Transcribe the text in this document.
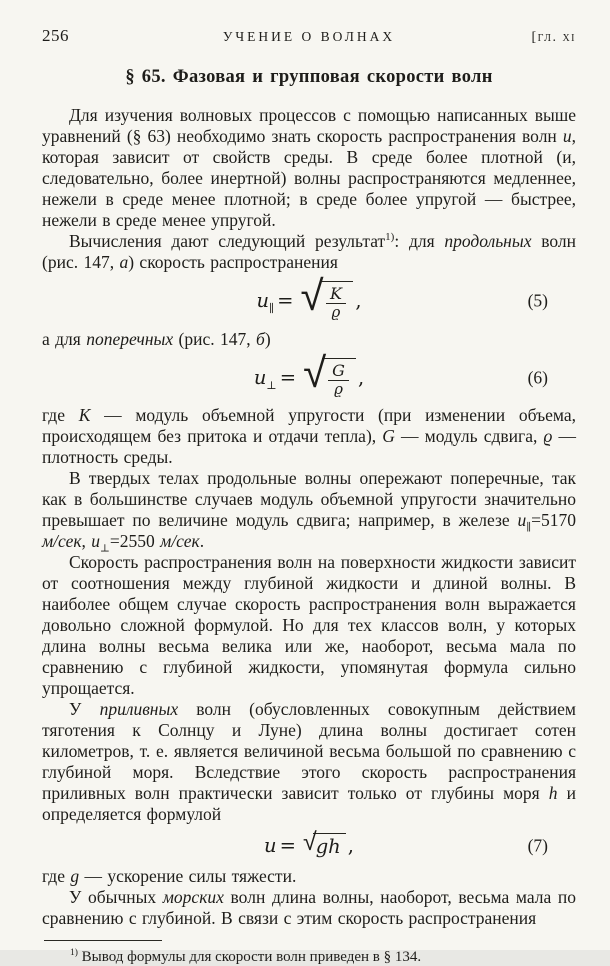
256	УЧЕНИЕ О ВОЛНАХ	[гл. xi
§ 65. Фазовая и групповая скорости волн

Для изучения волновых процессов с помощью написанных выше уравнений (§ 63) необходимо знать скорость распространения волн u, которая зависит от свойств среды. В среде более плотной (и, следовательно, более инертной) волны распространяются медленнее, нежели в среде менее плотной; в среде более упругой — быстрее, нежели в среде менее упругой.

Вычисления дают следующий результат$^{1)}$: для продольных волн (рис. 147, а) скорость распространения

$u_\parallel$ = √ $\frac{K}{ϱ}$ ,	(5)

а для поперечных (рис. 147, б)

$u_\perp$ = √ $\frac{G}{ϱ}$ ,	(6)

где K — модуль объемной упругости (при изменении объема, происходящем без притока и отдачи тепла), G — модуль сдвига, ϱ — плотность среды.

В твердых телах продольные волны опережают поперечные, так как в большинстве случаев модуль объемной упругости значительно превышает по величине модуль сдвига; например, в железе $u_\parallel=5170$ м/сек, $u_\perp=2550$ м/сек.

Скорость распространения волн на поверхности жидкости зависит от соотношения между глубиной жидкости и длиной волны. В наиболее общем случае скорость распространения волн выражается довольно сложной формулой. Но для тех классов волн, у которых длина волны весьма велика или же, наоборот, весьма мала по сравнению с глубиной жидкости, упомянутая формула сильно упрощается.

У приливных волн (обусловленных совокупным действием тяготения к Солнцу и Луне) длина волны достигает сотен километров, т. е. является величиной весьма большой по сравнению с глубиной моря. Вследствие этого скорость распространения приливных волн практически зависит только от глубины моря h и определяется формулой

u = √ gh ,	(7)

где g — ускорение силы тяжести.

У обычных морских волн длина волны, наоборот, весьма мала по сравнению с глубиной. В связи с этим скорость распространения

$^{1)}$ Вывод формулы для скорости волн приведен в § 134.
